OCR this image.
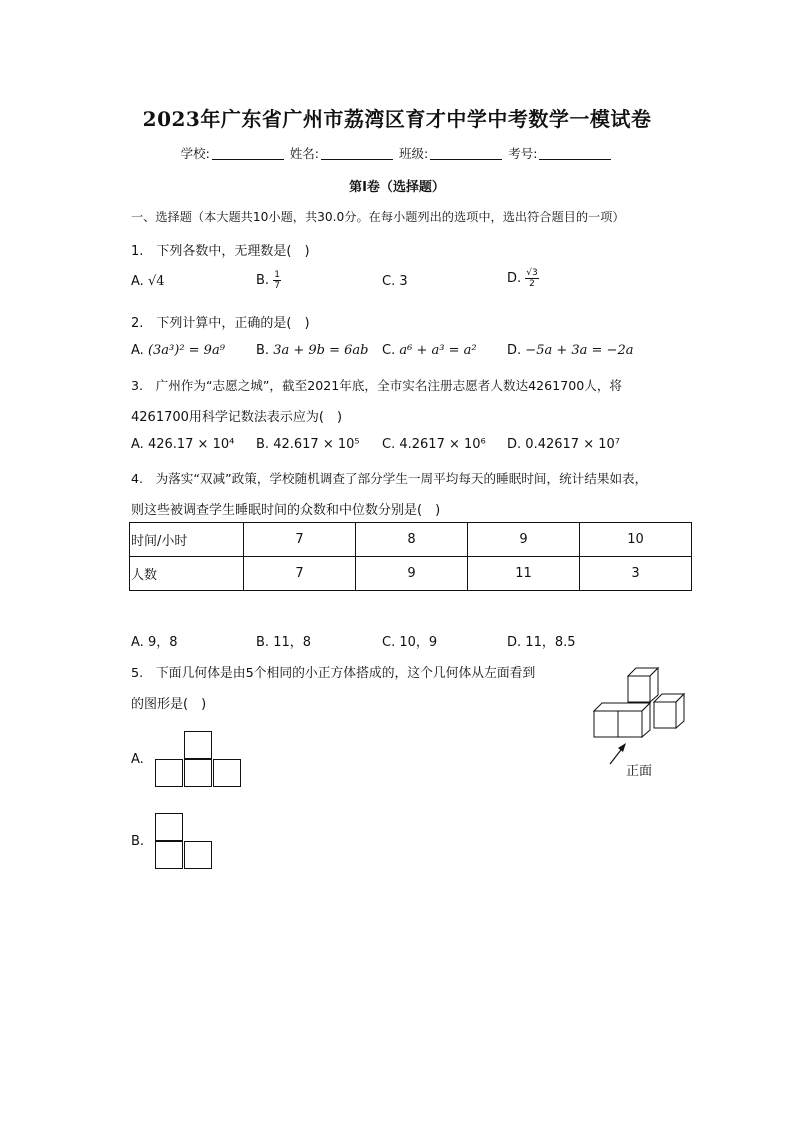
2023年广东省广州市荔湾区育才中学中考数学一模试卷
学校:	姓名:	班级:	考号:
第Ⅰ卷（选择题）
一、选择题（本大题共10小题，共30.0分。在每小题列出的选项中，选出符合题目的一项）
1.　下列各数中，无理数是(　)
A. √4	B. $\frac{1}{7}$	C. 3	D. $\frac{√3}{2}$
2.　下列计算中，正确的是(　)
A. (3a³)² = 9a⁹ B. 3a + 9b = 6ab C. a⁶ + a³ = a² D. −5a + 3a = −2a
3.　广州作为“志愿之城”，截至2021年底，全市实名注册志愿者人数达4261700人，将
4261700用科学记数法表示应为(　)
A. 426.17 × 10⁴ B. 42.617 × 10⁵ C. 4.2617 × 10⁶ D. 0.42617 × 10⁷
4.　为落实“双减”政策，学校随机调查了部分学生一周平均每天的睡眠时间，统计结果如表，
则这些被调查学生睡眠时间的众数和中位数分别是(　)
时间/小时	7	8	9	10
人数	7	9	11	3
A. 9，8	B. 11，8	C. 10，9	D. 11，8.5
5.　下面几何体是由5个相同的小正方体搭成的，这个几何体从左面看到
的图形是(　)
正面
A.
B.
